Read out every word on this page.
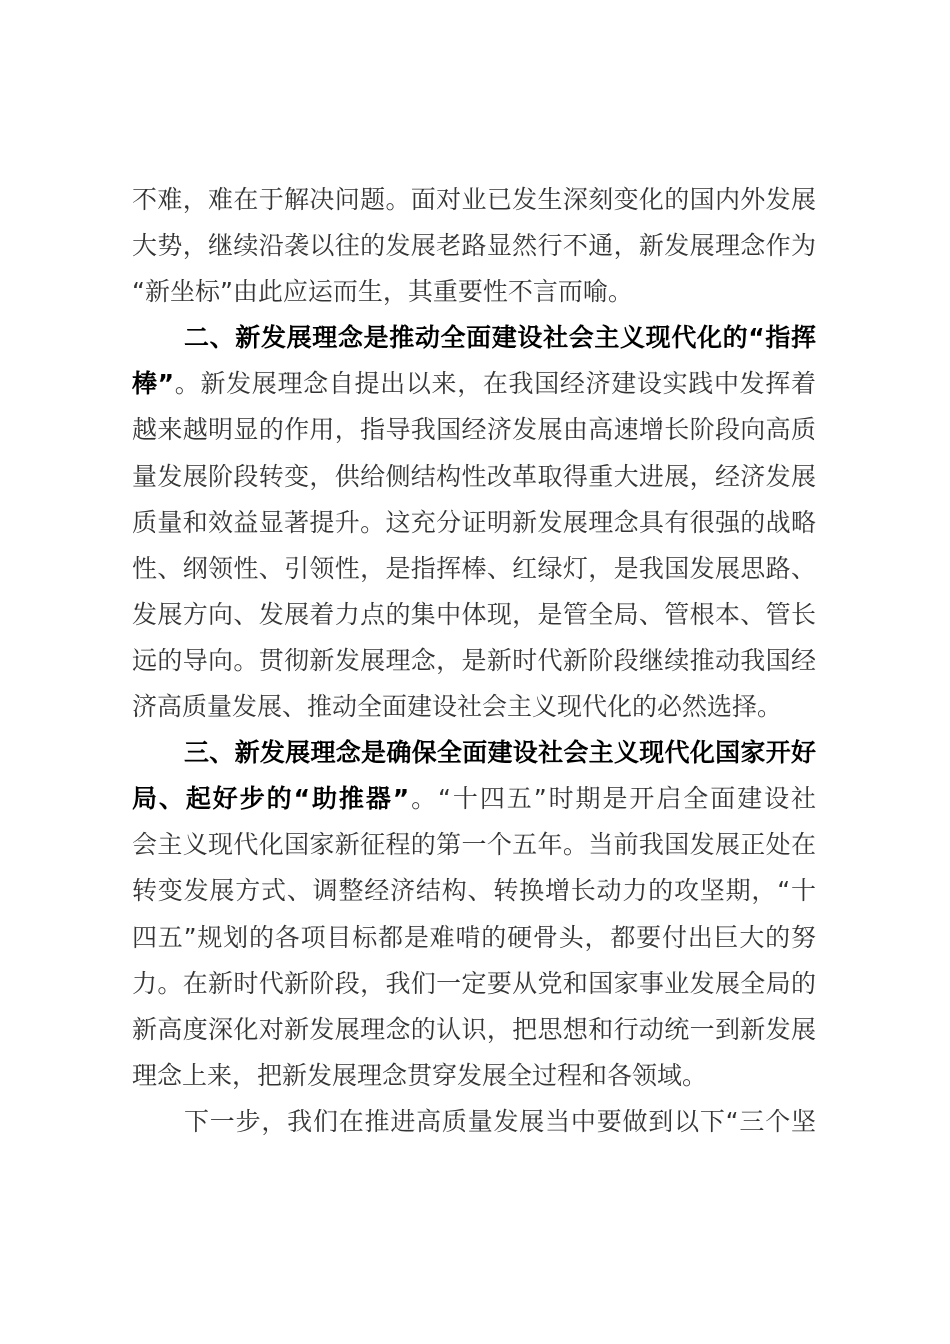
不难，难在于解决问题。面对业已发生深刻变化的国内外发展
大势，继续沿袭以往的发展老路显然行不通，新发展理念作为
“新坐标”由此应运而生，其重要性不言而喻。
二、新发展理念是推动全面建设社会主义现代化的“指挥
棒”。新发展理念自提出以来，在我国经济建设实践中发挥着
越来越明显的作用，指导我国经济发展由高速增长阶段向高质
量发展阶段转变，供给侧结构性改革取得重大进展，经济发展
质量和效益显著提升。这充分证明新发展理念具有很强的战略
性、纲领性、引领性，是指挥棒、红绿灯，是我国发展思路、
发展方向、发展着力点的集中体现，是管全局、管根本、管长
远的导向。贯彻新发展理念，是新时代新阶段继续推动我国经
济高质量发展、推动全面建设社会主义现代化的必然选择。
三、新发展理念是确保全面建设社会主义现代化国家开好
局、起好步的“助推器”。“十四五”时期是开启全面建设社
会主义现代化国家新征程的第一个五年。当前我国发展正处在
转变发展方式、调整经济结构、转换增长动力的攻坚期，“十
四五”规划的各项目标都是难啃的硬骨头，都要付出巨大的努
力。在新时代新阶段，我们一定要从党和国家事业发展全局的
新高度深化对新发展理念的认识，把思想和行动统一到新发展
理念上来，把新发展理念贯穿发展全过程和各领域。
下一步，我们在推进高质量发展当中要做到以下“三个坚
